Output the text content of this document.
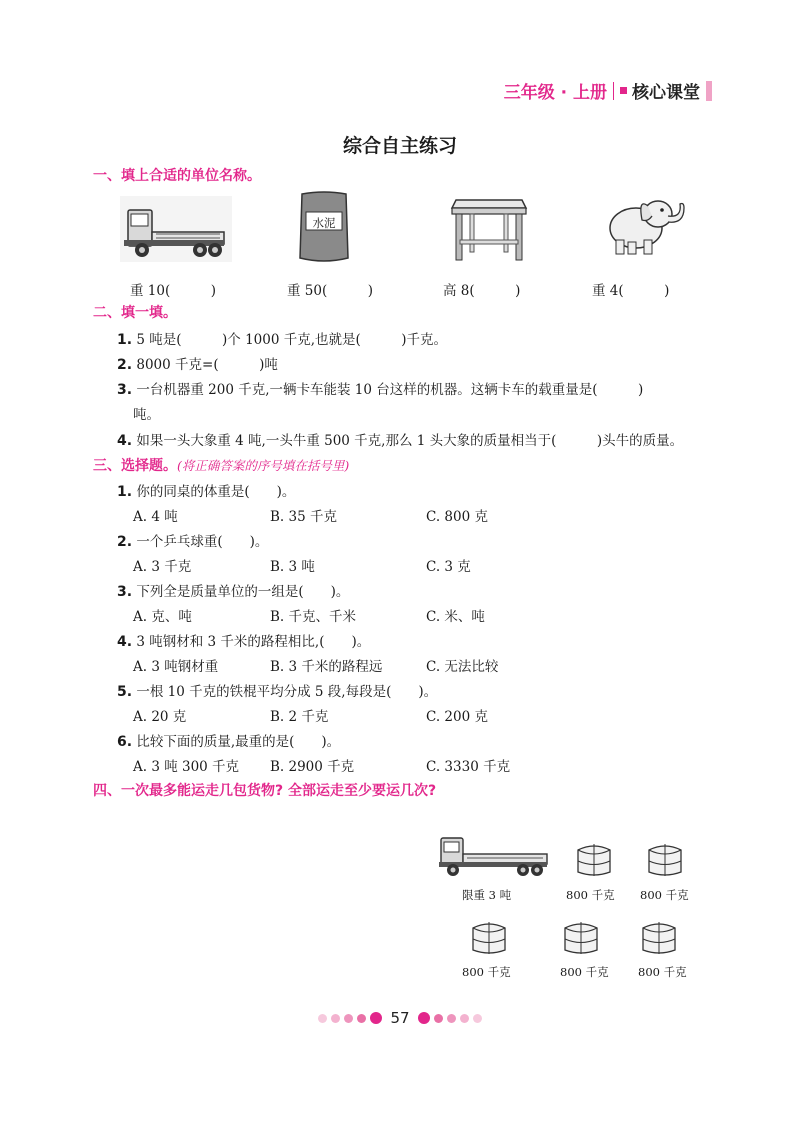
三年级 · 上册 核心课堂
综合自主练习
一、填上合适的单位名称。
水泥
重 10(　　　)	重 50(　　　)	高 8(　　　)	重 4(　　　)
二、填一填。
1. 5 吨是(　　　)个 1000 千克,也就是(　　　)千克。
2. 8000 千克=(　　　)吨
3. 一台机器重 200 千克,一辆卡车能装 10 台这样的机器。这辆卡车的载重量是(　　　)
吨。
4. 如果一头大象重 4 吨,一头牛重 500 千克,那么 1 头大象的质量相当于(　　　)头牛的质量。
三、选择题。(将正确答案的序号填在括号里)
1. 你的同桌的体重是(　　)。
A. 4 吨	B. 35 千克	C. 800 克
2. 一个乒乓球重(　　)。
A. 3 千克	B. 3 吨	C. 3 克
3. 下列全是质量单位的一组是(　　)。
A. 克、吨	B. 千克、千米	C. 米、吨
4. 3 吨钢材和 3 千米的路程相比,(　　)。
A. 3 吨钢材重	B. 3 千米的路程远	C. 无法比较
5. 一根 10 千克的铁棍平均分成 5 段,每段是(　　)。
A. 20 克	B. 2 千克	C. 200 克
6. 比较下面的质量,最重的是(　　)。
A. 3 吨 300 千克 B. 2900 千克	C. 3330 千克
四、一次最多能运走几包货物? 全部运走至少要运几次?
限重 3 吨	800 千克 800 千克
800 千克	800 千克	800 千克
57
